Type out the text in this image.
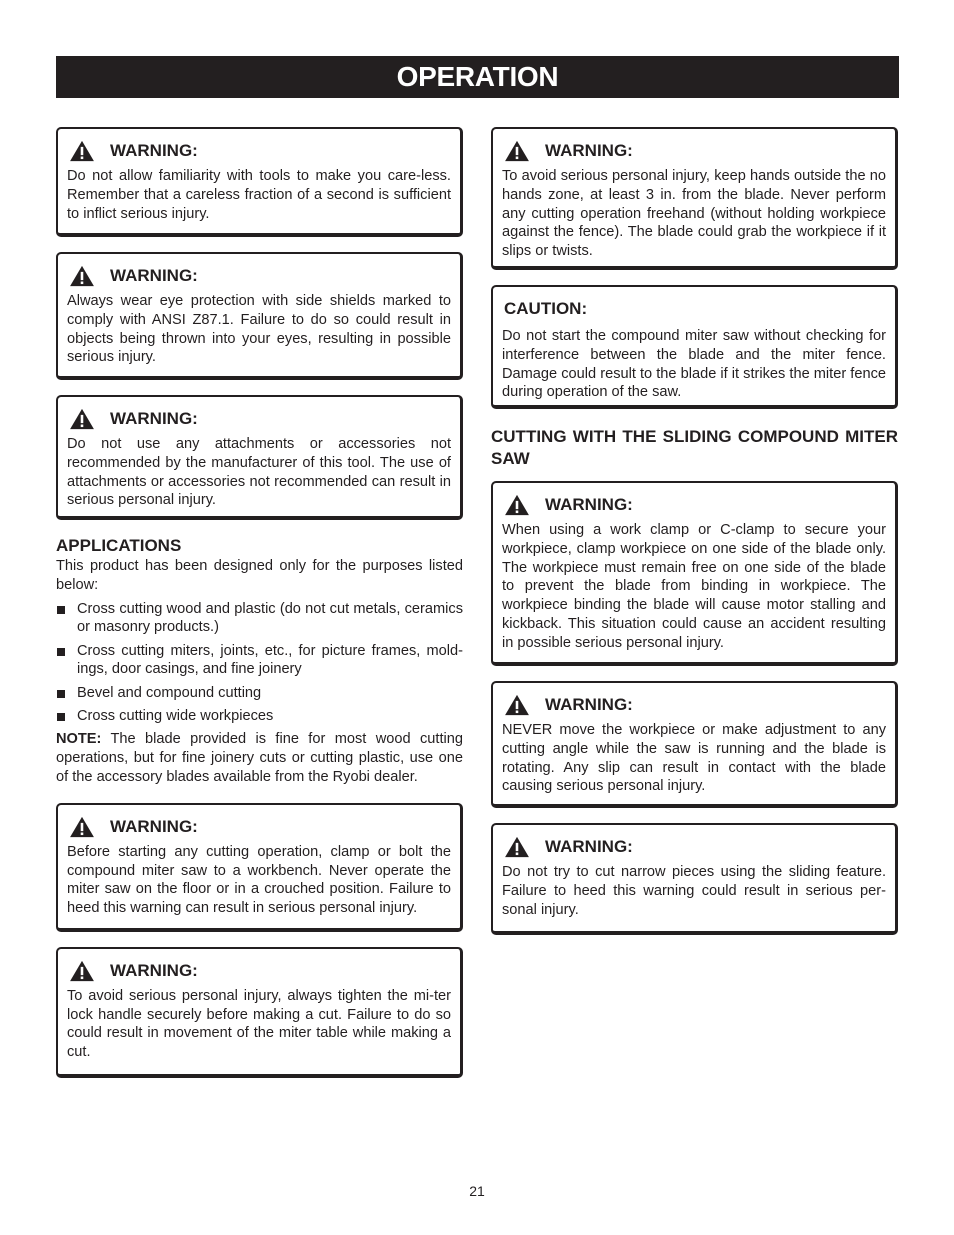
OPERATION
WARNING:
Do not allow familiarity with tools to make you care-less. Remember that a careless fraction of a second is sufficient to inflict serious injury.
WARNING:
Always wear eye protection with side shields marked to comply with ANSI Z87.1. Failure to do so could result in objects being thrown into your eyes, resulting in possible serious injury.
WARNING:
Do not use any attachments or accessories not recommended by the manufacturer of this tool. The use of attachments or accessories not recommended can result in serious personal injury.
APPLICATIONS
This product has been designed only for the purposes listed below:
Cross cutting wood and plastic (do not cut metals, ceramics or masonry products.)
Cross cutting miters, joints, etc., for picture frames, mold-ings, door casings, and fine joinery
Bevel and compound cutting
Cross cutting wide workpieces
NOTE: The blade provided is fine for most wood cutting operations, but for fine joinery cuts or cutting plastic, use one of the accessory blades available from the Ryobi dealer.
WARNING:
Before starting any cutting operation, clamp or bolt the compound miter saw to a workbench. Never operate the miter saw on the floor or in a crouched position. Failure to heed this warning can result in serious personal injury.
WARNING:
To avoid serious personal injury, always tighten the mi-ter lock handle securely before making a cut. Failure to do so could result in movement of the miter table while making a cut.
WARNING:
To avoid serious personal injury, keep hands outside the no hands zone, at least 3 in. from the blade. Never perform any cutting operation freehand (without holding workpiece against the fence). The blade could grab the workpiece if it slips or twists.
CAUTION:
Do not start the compound miter saw without checking for interference between the blade and the miter fence. Damage could result to the blade if it strikes the miter fence during operation of the saw.
CUTTING WITH THE SLIDING COMPOUND MITER SAW
WARNING:
When using a work clamp or C-clamp to secure your workpiece, clamp workpiece on one side of the blade only. The workpiece must remain free on one side of the blade to prevent the blade from binding in workpiece. The workpiece binding the blade will cause motor stalling and kickback. This situation could cause an accident resulting in possible serious personal injury.
WARNING:
NEVER move the workpiece or make adjustment to any cutting angle while the saw is running and the blade is rotating. Any slip can result in contact with the blade causing serious personal injury.
WARNING:
Do not try to cut narrow pieces using the sliding feature. Failure to heed this warning could result in serious per-sonal injury.
21
